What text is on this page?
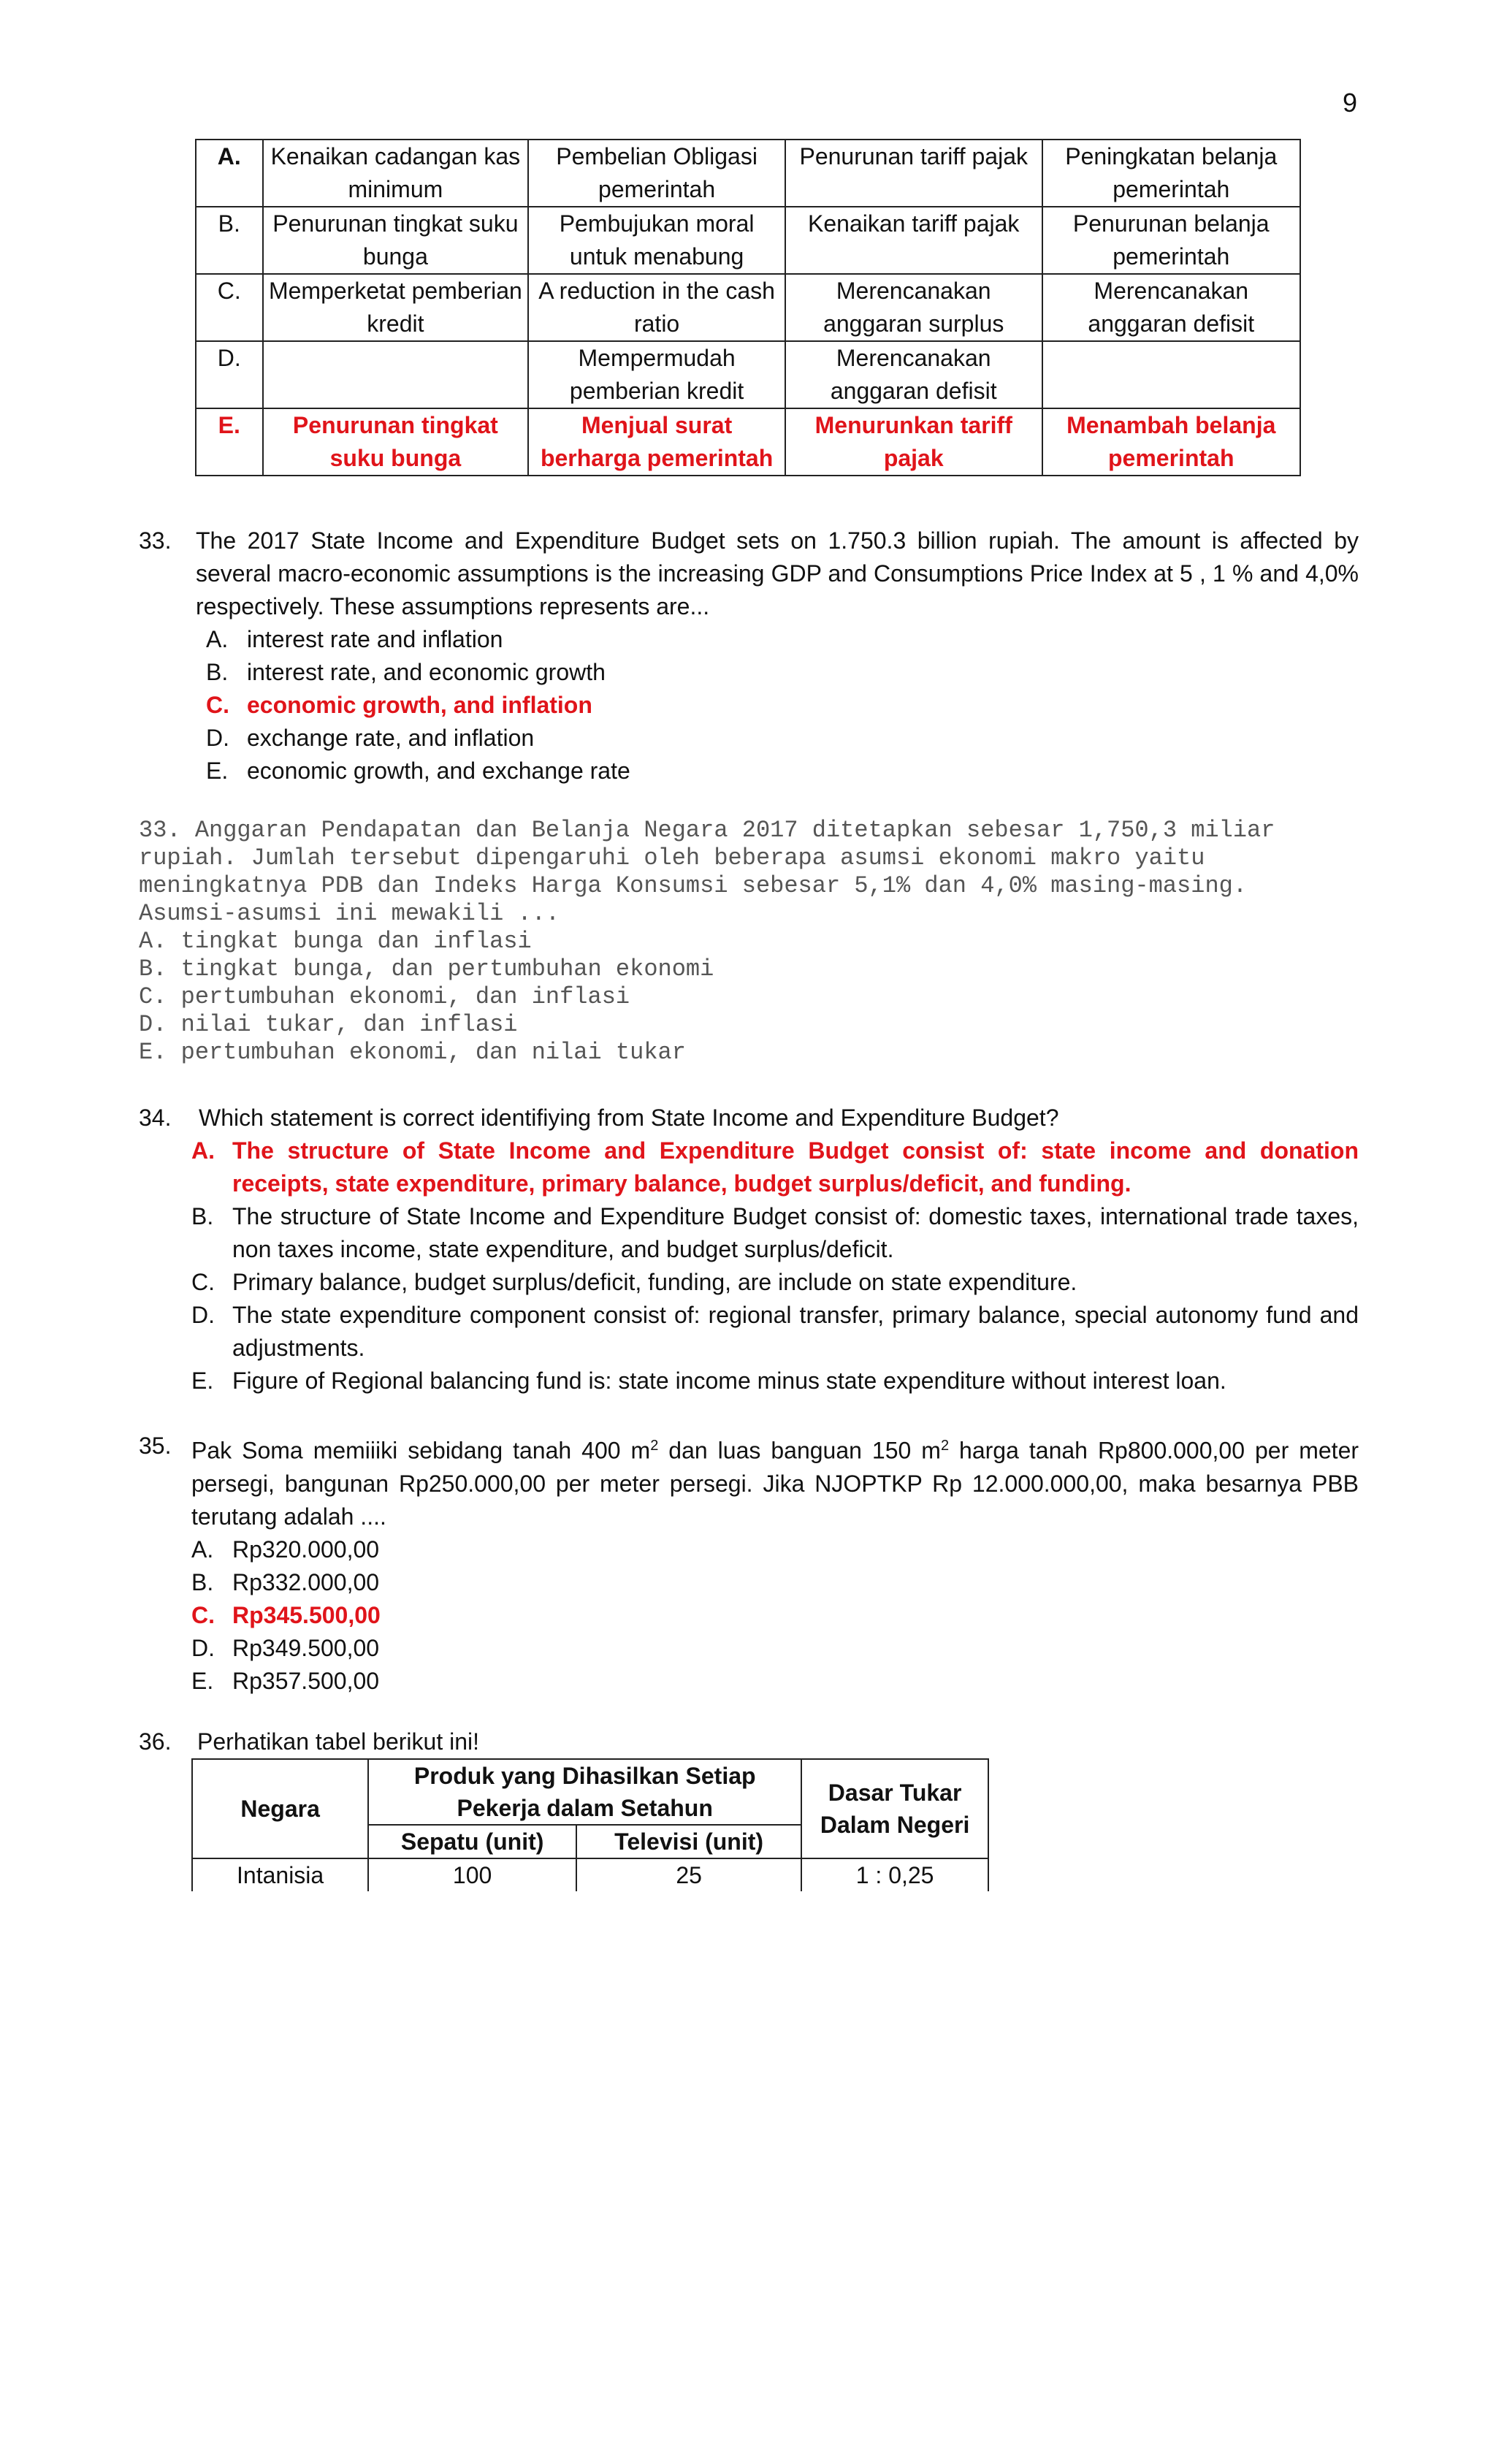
9
A.	Kenaikan cadangan kas minimum	Pembelian Obligasi pemerintah	Penurunan tariff pajak	Peningkatan belanja pemerintah
B.	Penurunan tingkat suku bunga	Pembujukan moral untuk menabung	Kenaikan tariff pajak	Penurunan belanja pemerintah
C.	Memperketat pemberian kredit	A reduction in the cash ratio	Merencanakan anggaran surplus	Merencanakan anggaran defisit
D.		Mempermudah pemberian kredit	Merencanakan anggaran defisit	
E.	Penurunan tingkat suku bunga	Menjual surat berharga pemerintah	Menurunkan tariff pajak	Menambah belanja pemerintah
33. The 2017 State Income and Expenditure Budget sets on 1.750.3 billion rupiah. The amount is affected by several macro-economic assumptions is the increasing GDP and Consumptions Price Index at 5 , 1 % and 4,0% respectively. These assumptions represents are...
A. interest rate and inflation
B. interest rate, and economic growth
C. economic growth, and inflation
D. exchange rate, and inflation
E. economic growth, and exchange rate
33. Anggaran Pendapatan dan Belanja Negara 2017 ditetapkan sebesar 1,750,3 miliar
rupiah. Jumlah tersebut dipengaruhi oleh beberapa asumsi ekonomi makro yaitu
meningkatnya PDB dan Indeks Harga Konsumsi sebesar 5,1% dan 4,0% masing-masing.
Asumsi-asumsi ini mewakili ...
A. tingkat bunga dan inflasi
B. tingkat bunga, dan pertumbuhan ekonomi
C. pertumbuhan ekonomi, dan inflasi
D. nilai tukar, dan inflasi
E. pertumbuhan ekonomi, dan nilai tukar
34. Which statement is correct identifiying from State Income and Expenditure Budget?
A. The structure of State Income and Expenditure Budget consist of: state income and donation receipts, state expenditure, primary balance, budget surplus/deficit, and funding.
B. The structure of State Income and Expenditure Budget consist of: domestic taxes, international trade taxes, non taxes income, state expenditure, and budget surplus/deficit.
C. Primary balance, budget surplus/deficit, funding, are include on state expenditure.
D. The state expenditure component consist of: regional transfer, primary balance, special autonomy fund and adjustments.
E. Figure of Regional balancing fund is: state income minus state expenditure without interest loan.
35. Pak Soma memiiiki sebidang tanah 400 $m^2$ dan luas banguan 150 $m^2$ harga tanah Rp800.000,00 per meter persegi, bangunan Rp250.000,00 per meter persegi. Jika NJOPTKP Rp 12.000.000,00, maka besarnya PBB terutang adalah ....
A. Rp320.000,00
B. Rp332.000,00
C. Rp345.500,00
D. Rp349.500,00
E. Rp357.500,00
36. Perhatikan tabel berikut ini!
Negara	Produk yang Dihasilkan Setiap Pekerja dalam Setahun		Dasar Tukar Dalam Negeri
	Sepatu (unit)	Televisi (unit)	
Intanisia	100	25	1 : 0,25
